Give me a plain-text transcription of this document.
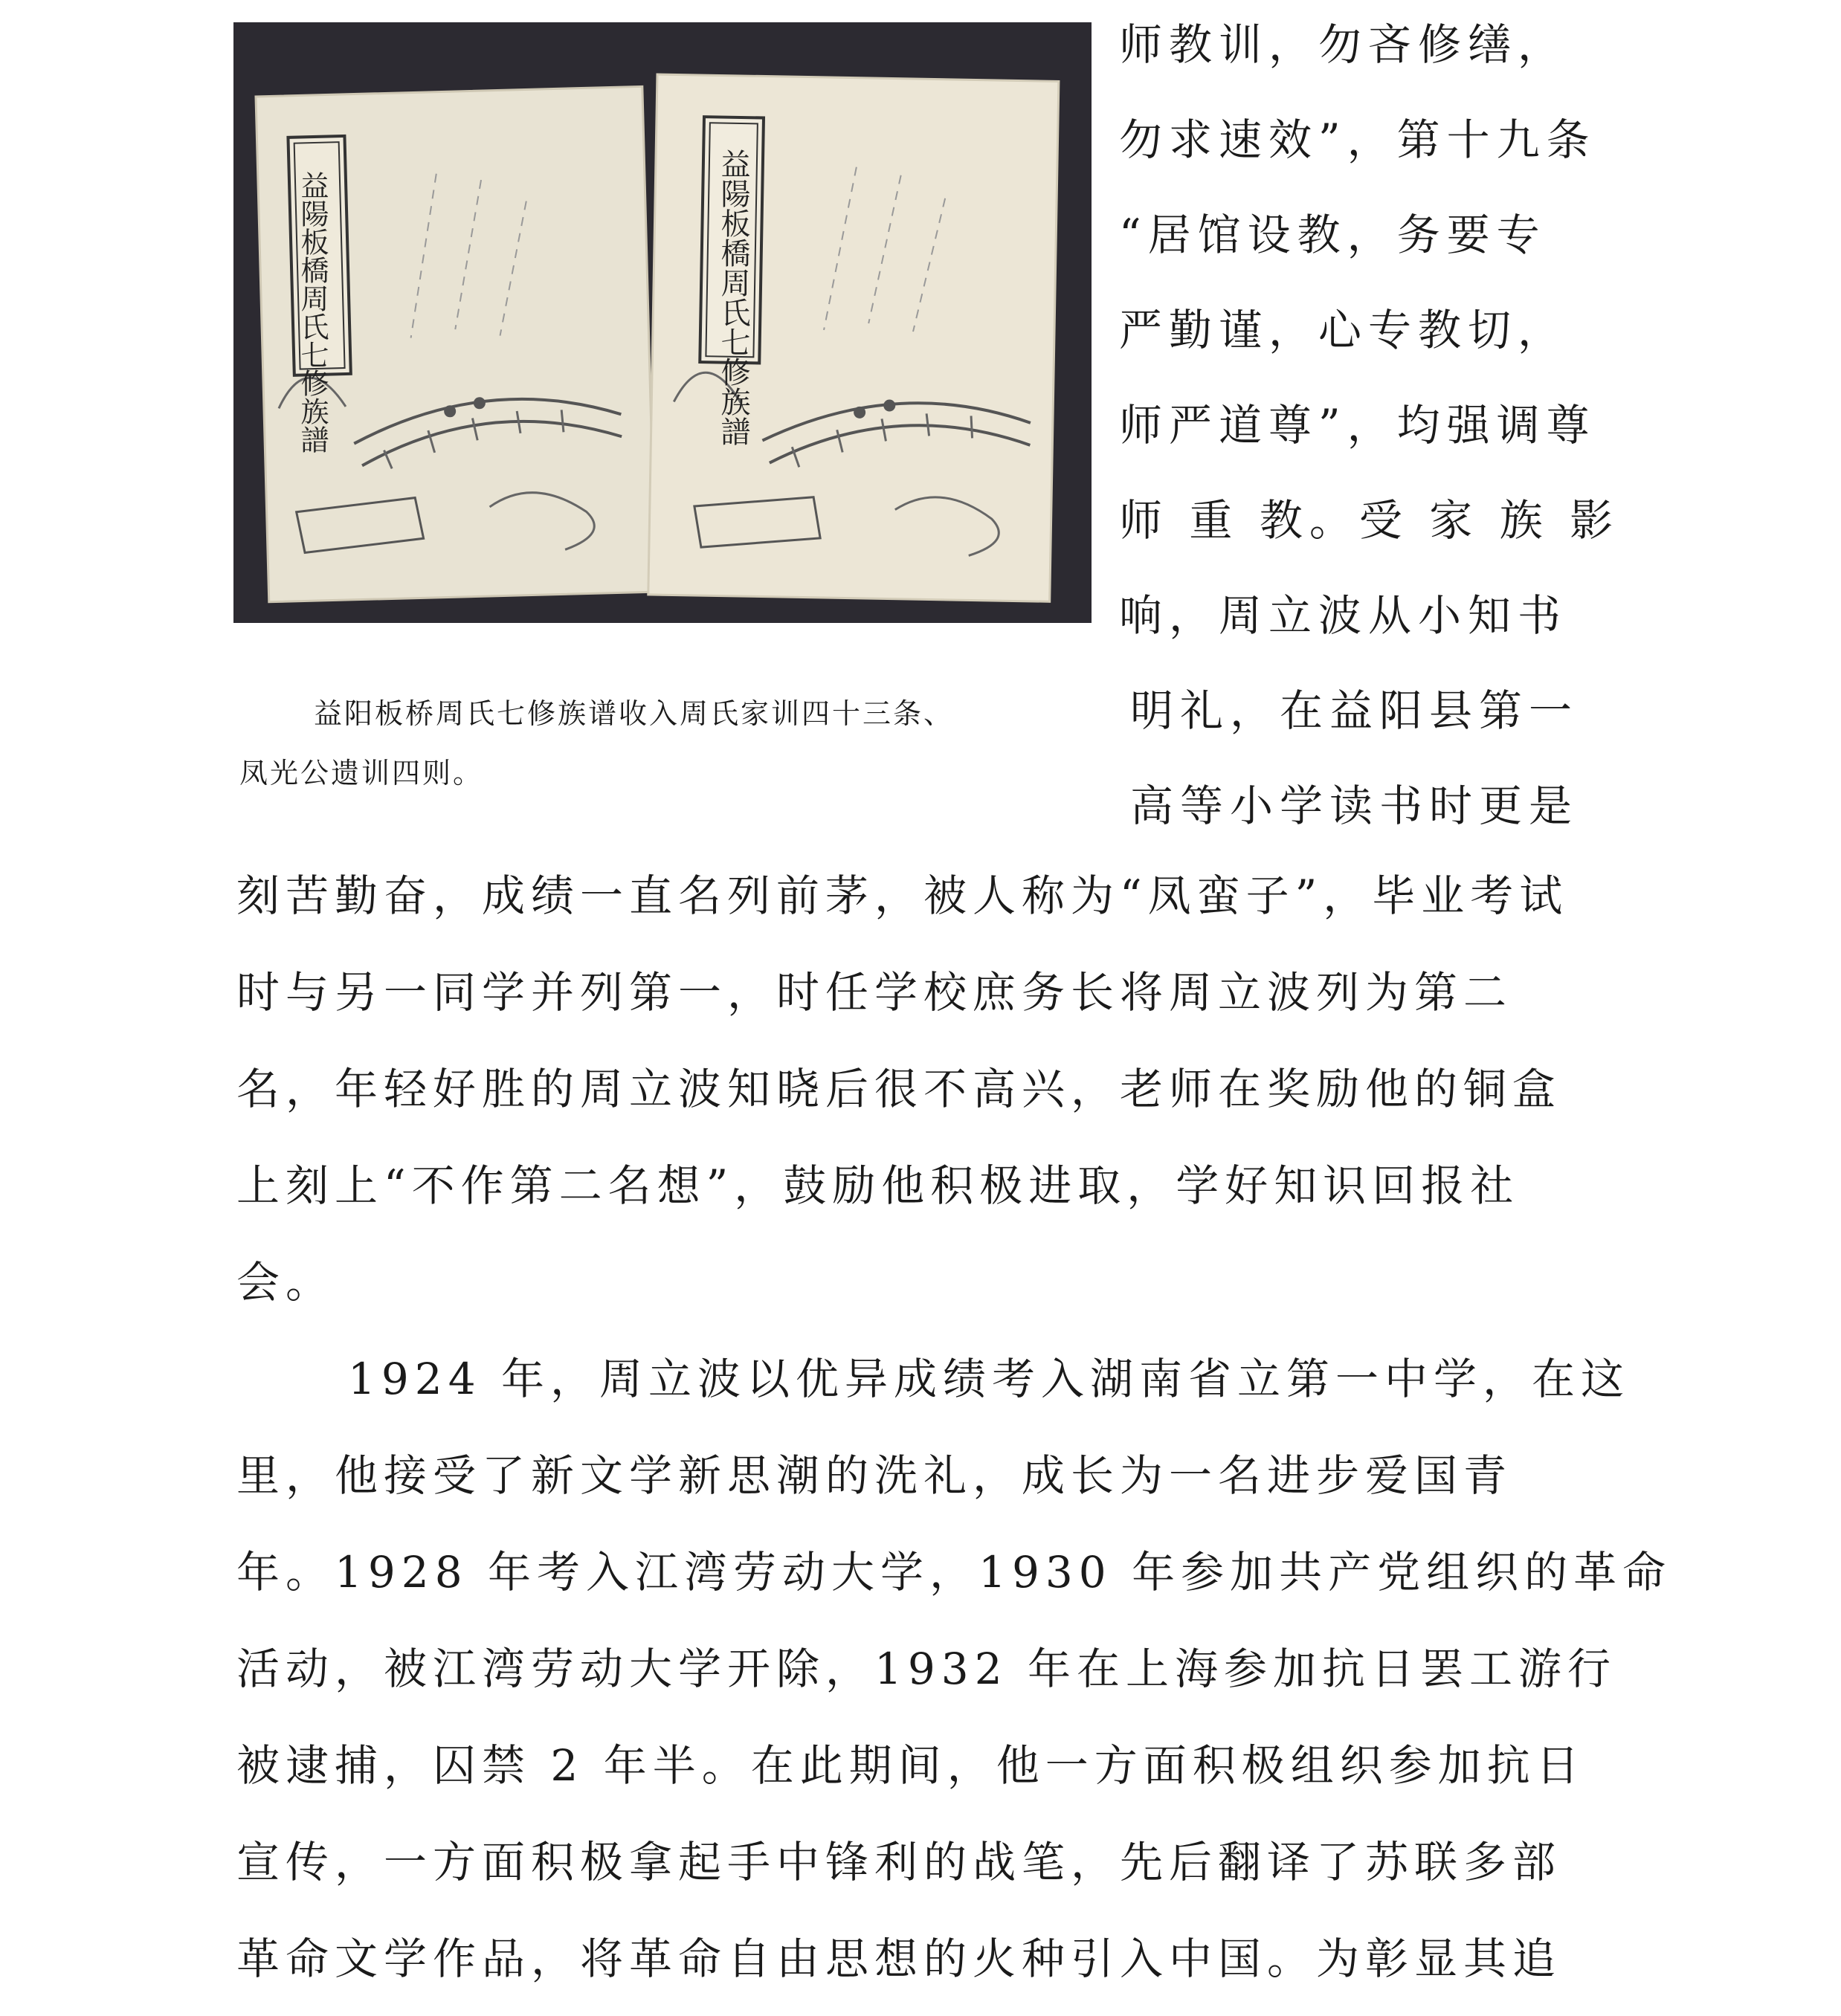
益陽板橋周氏七修族譜	益陽板橋周氏七修族譜
师教训，勿吝修缮，
勿求速效”，第十九条
“居馆设教，务要专
严勤谨，心专教切，
师严道尊”，均强调尊
师 重 教。受 家 族 影
响，周立波从小知书
明礼，在益阳县第一
高等小学读书时更是
益阳板桥周氏七修族谱收入周氏家训四十三条、
凤光公遗训四则。
刻苦勤奋，成绩一直名列前茅，被人称为“凤蛮子”，毕业考试
时与另一同学并列第一，时任学校庶务长将周立波列为第二
名，年轻好胜的周立波知晓后很不高兴，老师在奖励他的铜盒
上刻上“不作第二名想”，鼓励他积极进取，学好知识回报社
会。
1924 年，周立波以优异成绩考入湖南省立第一中学，在这
里，他接受了新文学新思潮的洗礼，成长为一名进步爱国青
年。1928 年考入江湾劳动大学，1930 年参加共产党组织的革命
活动，被江湾劳动大学开除，1932 年在上海参加抗日罢工游行
被逮捕，囚禁 2 年半。在此期间，他一方面积极组织参加抗日
宣传，一方面积极拿起手中锋利的战笔，先后翻译了苏联多部
革命文学作品，将革命自由思想的火种引入中国。为彰显其追
